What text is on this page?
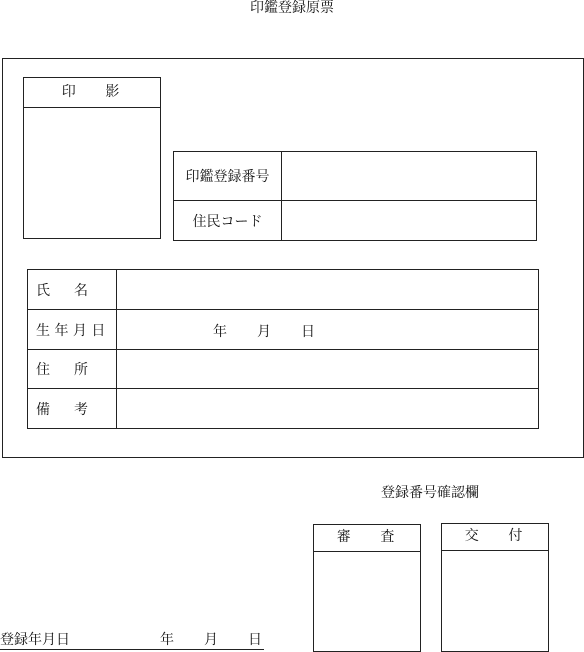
印鑑登録原票
印 影
印鑑登録番号	
住民コード	
氏 名	

生 年 月 日	年 月 日

住 所	

備 考	

登録番号確認欄
審 査	交 付
登録年月日	年 月 日
